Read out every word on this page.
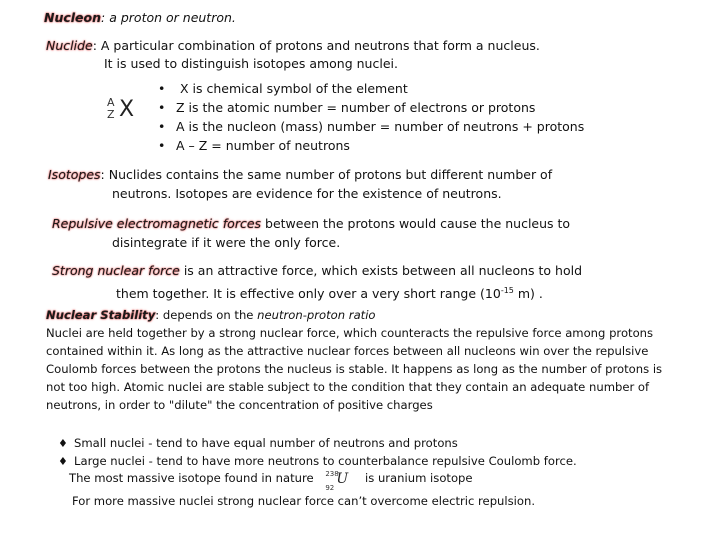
Nucleon: a proton or neutron.
Nuclide: A particular combination of protons and neutrons that form a nucleus.
It is used to distinguish isotopes among nuclei.
A
Z X
• X is chemical symbol of the element
• Z is the atomic number = number of electrons or protons
• A is the nucleon (mass) number = number of neutrons + protons
• A – Z = number of neutrons
Isotopes: Nuclides contains the same number of protons but different number of
neutrons. Isotopes are evidence for the existence of neutrons.
Repulsive electromagnetic forces between the protons would cause the nucleus to
disintegrate if it were the only force.
Strong nuclear force is an attractive force, which exists between all nucleons to hold
them together. It is effective only over a very short range ($10^{-15}$ m) .
Nuclear Stability: depends on the neutron-proton ratio
Nuclei are held together by a strong nuclear force, which counteracts the repulsive force among protons
contained within it. As long as the attractive nuclear forces between all nucleons win over the repulsive
Coulomb forces between the protons the nucleus is stable. It happens as long as the number of protons is
not too high. Atomic nuclei are stable subject to the condition that they contain an adequate number of
neutrons, in order to "dilute" the concentration of positive charges
♦ Small nuclei - tend to have equal number of neutrons and protons
♦ Large nuclei - tend to have more neutrons to counterbalance repulsive Coulomb force.
The most massive isotope found in nature 238
92
U is uranium isotope
For more massive nuclei strong nuclear force can’t overcome electric repulsion.
